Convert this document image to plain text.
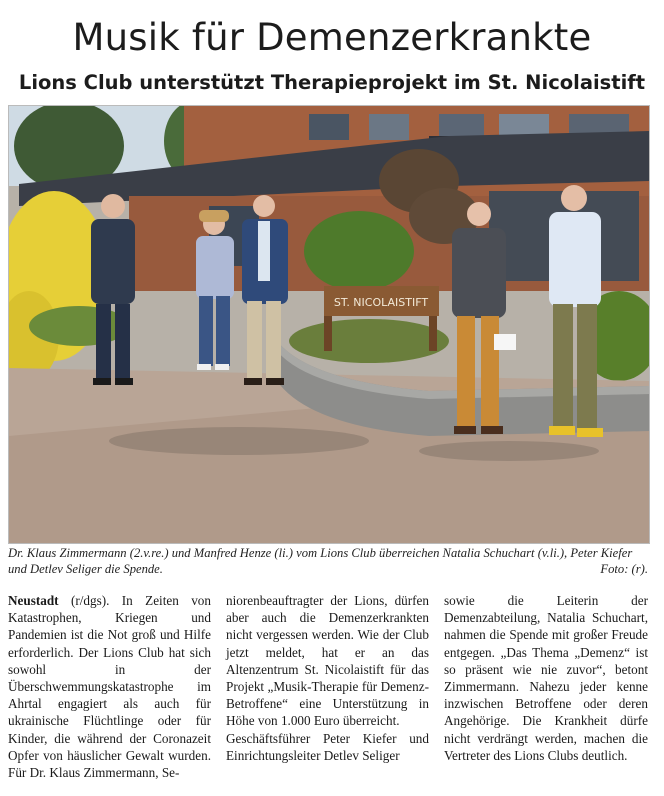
Musik für Demenzerkrankte
Lions Club unterstützt Therapieprojekt im St. Nicolaistift
ST. NICOLAISTIFT
Dr. Klaus Zimmermann (2.v.re.) und Manfred Henze (li.) vom Lions Club überreichen Natalia Schuchart (v.li.), Peter Kiefer und Detlev Seliger die Spende.	Foto: (r).

Neustadt (r/dgs). In Zeiten von Katastrophen, Kriegen und Pandemien ist die Not groß und Hilfe erforderlich. Der Lions Club hat sich sowohl in der Überschwemmungskatastrophe im Ahrtal engagiert als auch für ukrainische Flüchtlinge oder für Kinder, die während der Coronazeit Opfer von häuslicher Gewalt wurden. Für Dr. Klaus Zimmermann, Se-

niorenbeauftragter der Lions, dürfen aber auch die Demenzerkrankten nicht vergessen werden. Wie der Club jetzt meldet, hat er an das Altenzentrum St. Nicolaistift für das Projekt „Musik-Therapie für Demenz-Betroffene“ eine Unterstützung in Höhe von 1.000 Euro überreicht.

Geschäftsführer Peter Kiefer und Einrichtungsleiter Detlev Seliger

sowie die Leiterin der Demenzabteilung, Natalia Schuchart, nahmen die Spende mit großer Freude entgegen. „Das Thema „Demenz“ ist so präsent wie nie zuvor“, betont Zimmermann. Nahezu jeder kenne inzwischen Betroffene oder deren Angehörige. Die Krankheit dürfe nicht verdrängt werden, machen die Vertreter des Lions Clubs deutlich.
